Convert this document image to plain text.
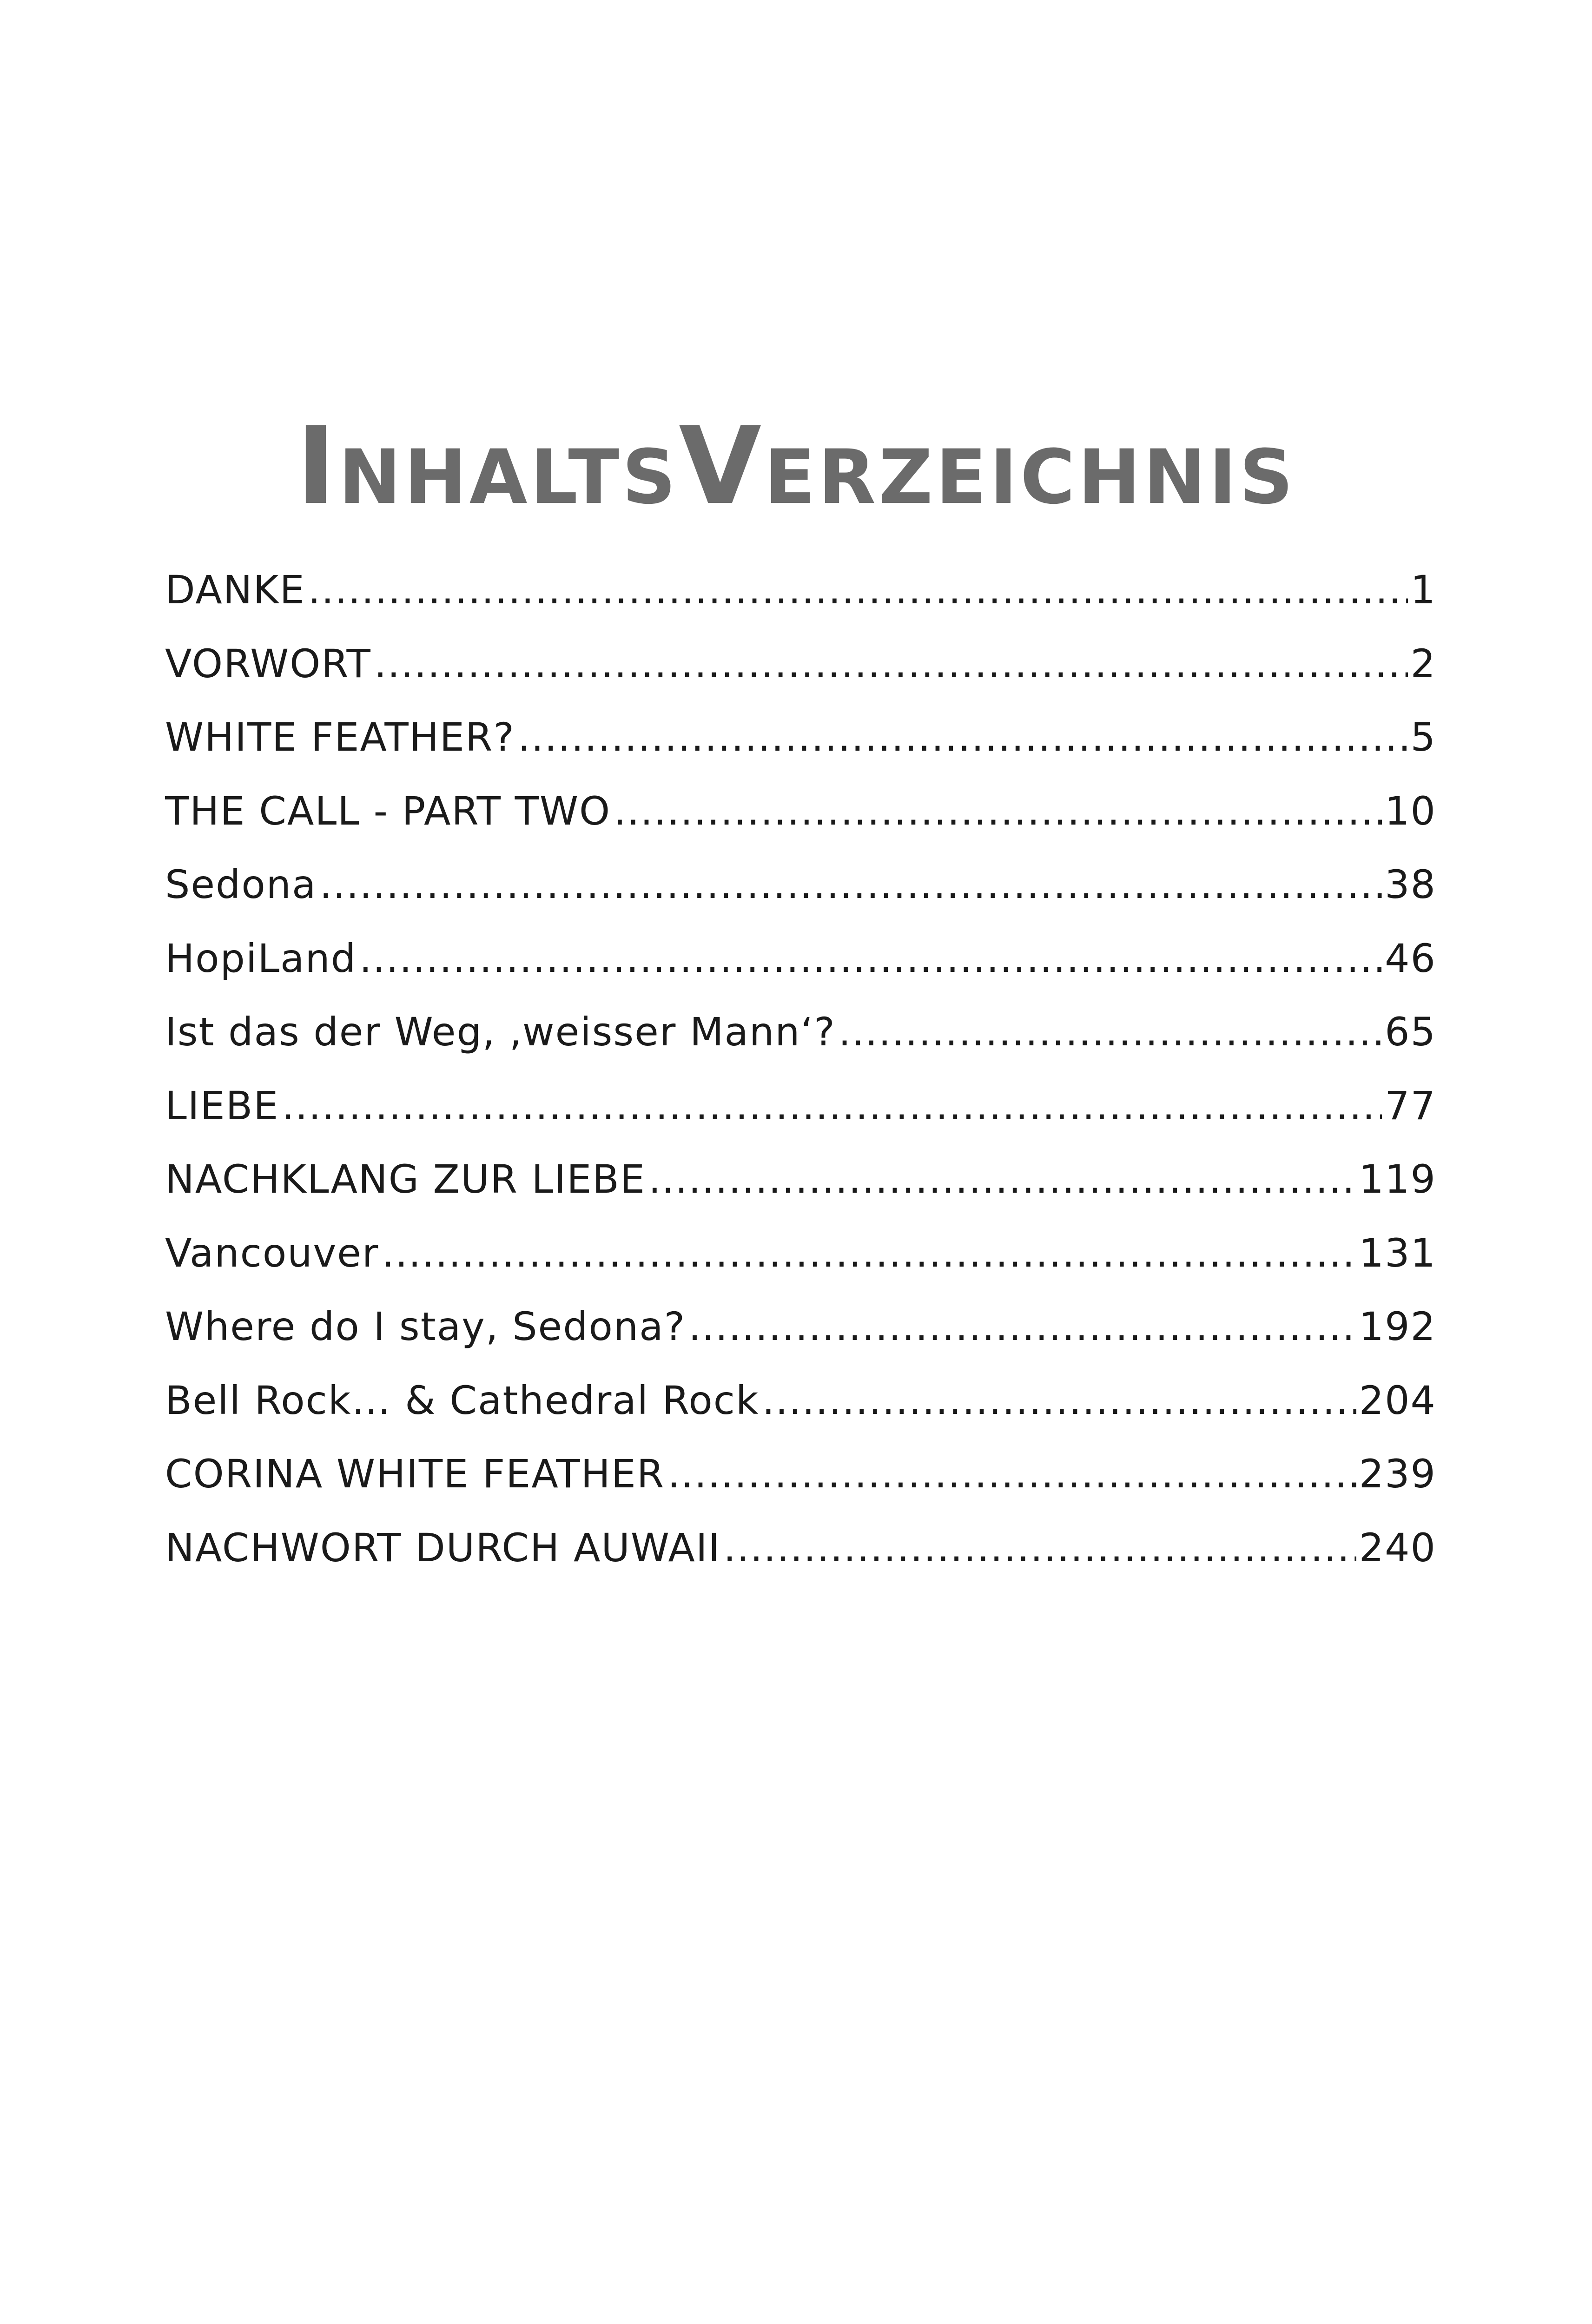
InhaltsVerzeichnis
DANKE .....	1
VORWORT .....	2
WHITE FEATHER? .....	5
THE CALL - PART TWO .....	10
Sedona .....	38
HopiLand .....	46
Ist das der Weg, ‚weisser Mann‘? .....	65
LIEBE .....	77
NACHKLANG ZUR LIEBE .....	119
Vancouver .....	131
Where do I stay, Sedona? .....	192
Bell Rock… & Cathedral Rock .....	204
CORINA WHITE FEATHER .....	239
NACHWORT DURCH AUWAII .....	240
